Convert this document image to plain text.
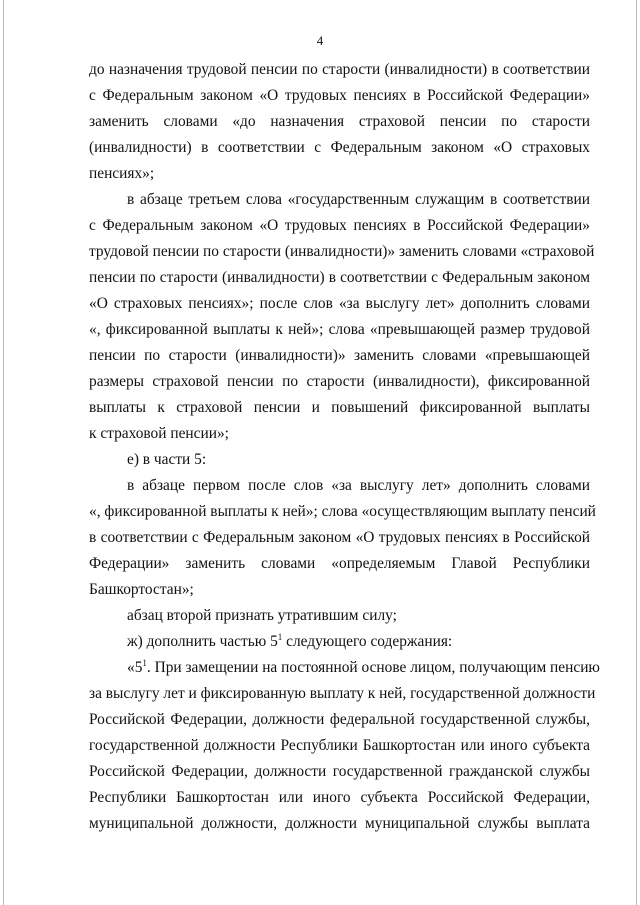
4
до назначения трудовой пенсии по старости (инвалидности) в соответствии
с Федеральным законом «О трудовых пенсиях в Российской Федерации»
заменить словами «до назначения страховой пенсии по старости
(инвалидности) в соответствии с Федеральным законом «О страховых
пенсиях»;
в абзаце третьем слова «государственным служащим в соответствии
с Федеральным законом «О трудовых пенсиях в Российской Федерации»
трудовой пенсии по старости (инвалидности)» заменить словами «страховой
пенсии по старости (инвалидности) в соответствии с Федеральным законом
«О страховых пенсиях»; после слов «за выслугу лет» дополнить словами
«, фиксированной выплаты к ней»; слова «превышающей размер трудовой
пенсии по старости (инвалидности)» заменить словами «превышающей
размеры страховой пенсии по старости (инвалидности), фиксированной
выплаты к страховой пенсии и повышений фиксированной выплаты
к страховой пенсии»;
е) в части 5:
в абзаце первом после слов «за выслугу лет» дополнить словами
«, фиксированной выплаты к ней»; слова «осуществляющим выплату пенсий
в соответствии с Федеральным законом «О трудовых пенсиях в Российской
Федерации» заменить словами «определяемым Главой Республики
Башкортостан»;
абзац второй признать утратившим силу;
ж) дополнить частью $5^1$ следующего содержания:
«$5^1$. При замещении на постоянной основе лицом, получающим пенсию
за выслугу лет и фиксированную выплату к ней, государственной должности
Российской Федерации, должности федеральной государственной службы,
государственной должности Республики Башкортостан или иного субъекта
Российской Федерации, должности государственной гражданской службы
Республики Башкортостан или иного субъекта Российской Федерации,
муниципальной должности, должности муниципальной службы выплата
